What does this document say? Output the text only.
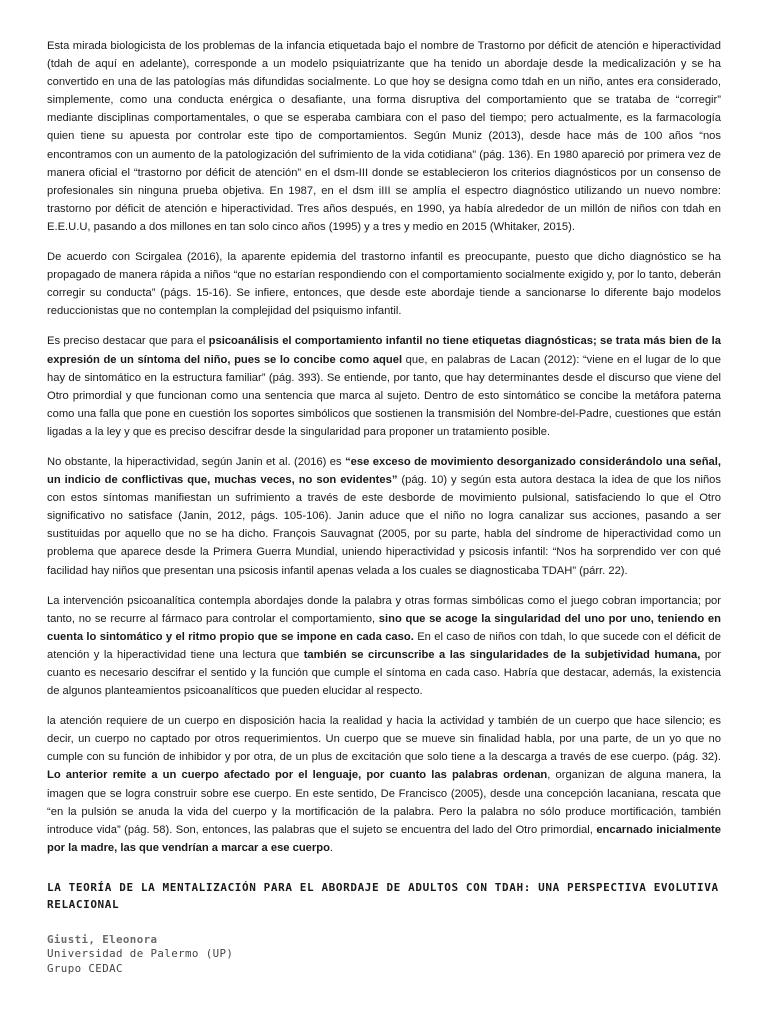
Esta mirada biologicista de los problemas de la infancia etiquetada bajo el nombre de Trastorno por déficit de atención e hiperactividad (tdah de aquí en adelante), corresponde a un modelo psiquiatrizante que ha tenido un abordaje desde la medicalización y se ha convertido en una de las patologías más difundidas socialmente. Lo que hoy se designa como tdah en un niño, antes era considerado, simplemente, como una conducta enérgica o desafiante, una forma disruptiva del comportamiento que se trataba de “corregir” mediante disciplinas comportamentales, o que se esperaba cambiara con el paso del tiempo; pero actualmente, es la farmacología quien tiene su apuesta por controlar este tipo de comportamientos. Según Muniz (2013), desde hace más de 100 años “nos encontramos con un aumento de la patologización del sufrimiento de la vida cotidiana” (pág. 136). En 1980 apareció por primera vez de manera oficial el “trastorno por déficit de atención” en el dsm-III donde se establecieron los criterios diagnósticos por un consenso de profesionales sin ninguna prueba objetiva. En 1987, en el dsm iIII se amplía el espectro diagnóstico utilizando un nuevo nombre: trastorno por déficit de atención e hiperactividad. Tres años después, en 1990, ya había alrededor de un millón de niños con tdah en E.E.U.U, pasando a dos millones en tan solo cinco años (1995) y a tres y medio en 2015 (Whitaker, 2015).

De acuerdo con Scirgalea (2016), la aparente epidemia del trastorno infantil es preocupante, puesto que dicho diagnóstico se ha propagado de manera rápida a niños “que no estarían respondiendo con el comportamiento socialmente exigido y, por lo tanto, deberán corregir su conducta” (págs. 15-16). Se infiere, entonces, que desde este abordaje tiende a sancionarse lo diferente bajo modelos reduccionistas que no contemplan la complejidad del psiquismo infantil.

Es preciso destacar que para el psicoanálisis el comportamiento infantil no tiene etiquetas diagnósticas; se trata más bien de la expresión de un síntoma del niño, pues se lo concibe como aquel que, en palabras de Lacan (2012): “viene en el lugar de lo que hay de sintomático en la estructura familiar” (pág. 393). Se entiende, por tanto, que hay determinantes desde el discurso que viene del Otro primordial y que funcionan como una sentencia que marca al sujeto. Dentro de esto sintomático se concibe la metáfora paterna como una falla que pone en cuestión los soportes simbólicos que sostienen la transmisión del Nombre-del-Padre, cuestiones que están ligadas a la ley y que es preciso descifrar desde la singularidad para proponer un tratamiento posible.

No obstante, la hiperactividad, según Janin et al. (2016) es “ese exceso de movimiento desorganizado considerándolo una señal, un indicio de conflictivas que, muchas veces, no son evidentes” (pág. 10) y según esta autora destaca la idea de que los niños con estos síntomas manifiestan un sufrimiento a través de este desborde de movimiento pulsional, satisfaciendo lo que el Otro significativo no satisface (Janin, 2012, págs. 105-106). Janin aduce que el niño no logra canalizar sus acciones, pasando a ser sustituidas por aquello que no se ha dicho. François Sauvagnat (2005, por su parte, habla del síndrome de hiperactividad como un problema que aparece desde la Primera Guerra Mundial, uniendo hiperactividad y psicosis infantil: “Nos ha sorprendido ver con qué facilidad hay niños que presentan una psicosis infantil apenas velada a los cuales se diagnosticaba TDAH” (párr. 22).

La intervención psicoanalítica contempla abordajes donde la palabra y otras formas simbólicas como el juego cobran importancia; por tanto, no se recurre al fármaco para controlar el comportamiento, sino que se acoge la singularidad del uno por uno, teniendo en cuenta lo sintomático y el ritmo propio que se impone en cada caso. En el caso de niños con tdah, lo que sucede con el déficit de atención y la hiperactividad tiene una lectura que también se circunscribe a las singularidades de la subjetividad humana, por cuanto es necesario descifrar el sentido y la función que cumple el síntoma en cada caso. Habría que destacar, además, la existencia de algunos planteamientos psicoanalíticos que pueden elucidar al respecto.

la atención requiere de un cuerpo en disposición hacia la realidad y hacia la actividad y también de un cuerpo que hace silencio; es decir, un cuerpo no captado por otros requerimientos. Un cuerpo que se mueve sin finalidad habla, por una parte, de un yo que no cumple con su función de inhibidor y por otra, de un plus de excitación que solo tiene a la descarga a través de ese cuerpo. (pág. 32). Lo anterior remite a un cuerpo afectado por el lenguaje, por cuanto las palabras ordenan, organizan de alguna manera, la imagen que se logra construir sobre ese cuerpo. En este sentido, De Francisco (2005), desde una concepción lacaniana, rescata que “en la pulsión se anuda la vida del cuerpo y la mortificación de la palabra. Pero la palabra no sólo produce mortificación, también introduce vida” (pág. 58). Son, entonces, las palabras que el sujeto se encuentra del lado del Otro primordial, encarnado inicialmente por la madre, las que vendrían a marcar a ese cuerpo.

LA TEORÍA DE LA MENTALIZACIÓN PARA EL ABORDAJE DE ADULTOS CON TDAH: UNA PERSPECTIVA EVOLUTIVA RELACIONAL
Giusti, Eleonora
Universidad de Palermo (UP)
Grupo CEDAC
